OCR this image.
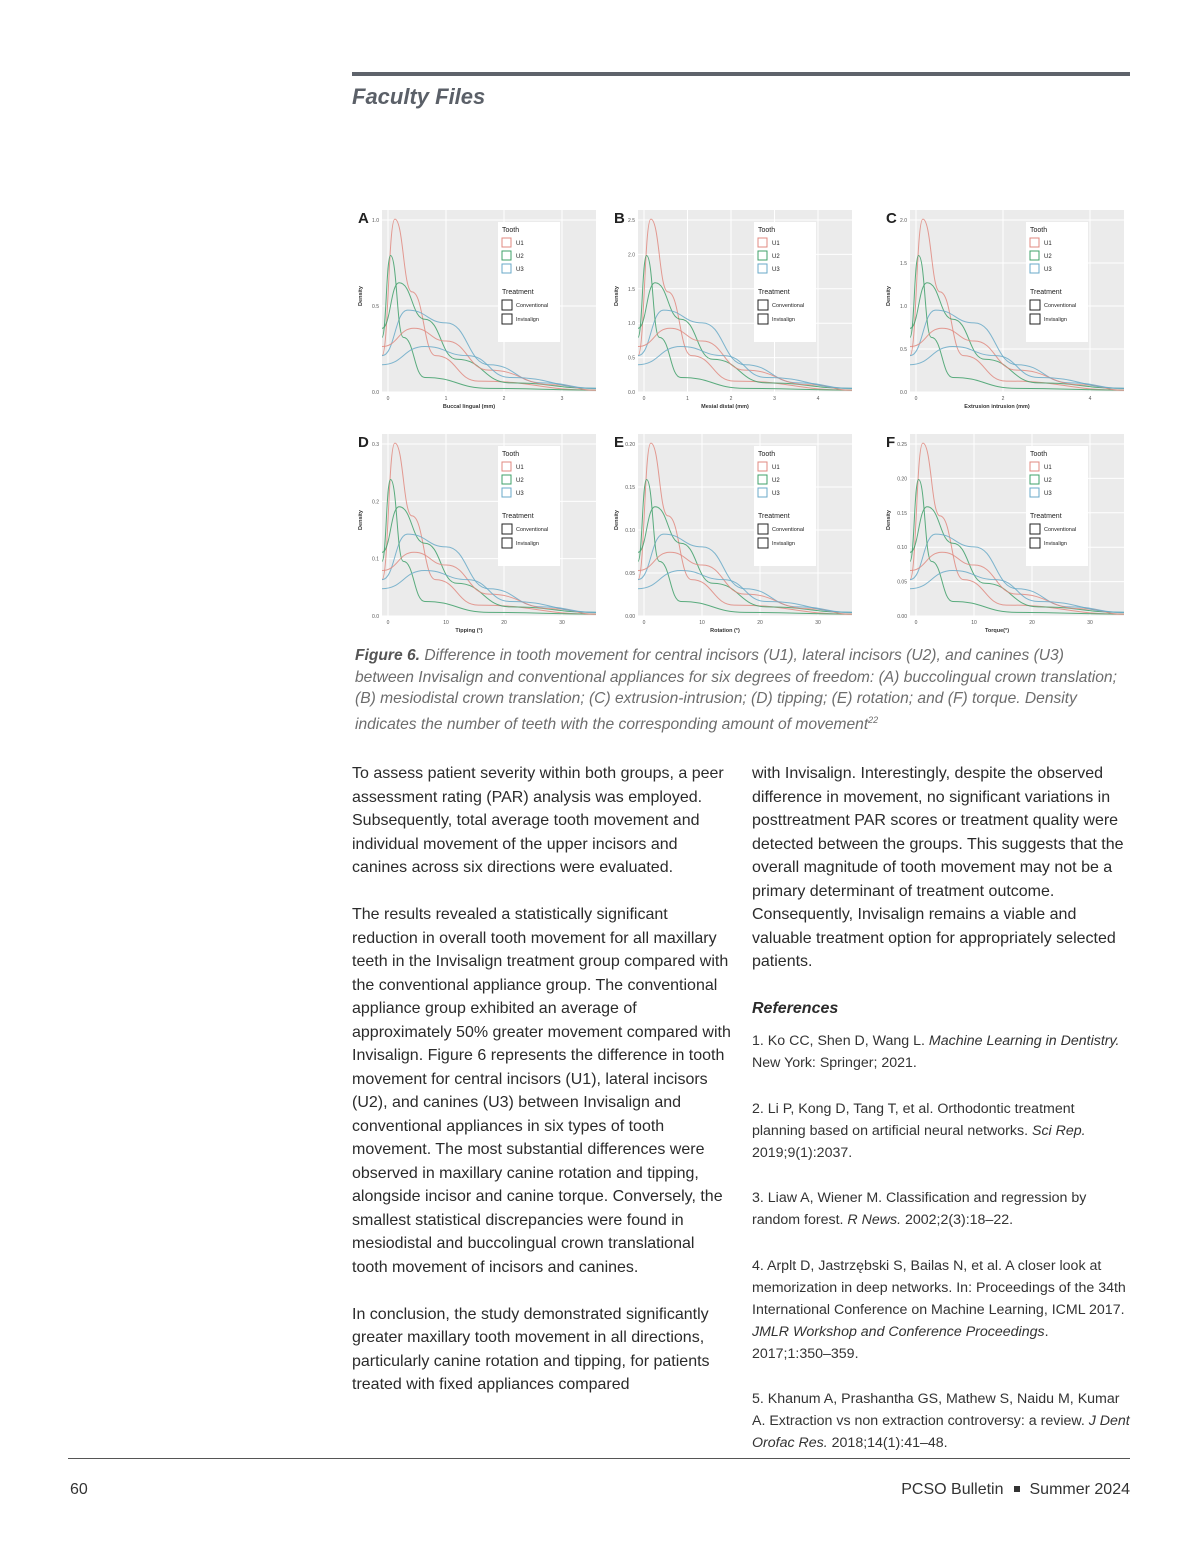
Faculty Files
0.0
0.5
1.0
0	1	2	3
Buccal lingual (mm)
Density
Tooth
U1
U2
U3
Treatment
Conventional
Invisalign
A
0.0
0.5
1.0
1.5
2.0
2.5
0	1	2	3	4
Mesial distal (mm)
Density
Tooth
U1
U2
U3
Treatment
Conventional
Invisalign
B
0.0
0.5
1.0
1.5
2.0
0	2	4
Extrusion intrusion (mm)
Density
Tooth
U1
U2
U3
Treatment
Conventional
Invisalign
C
0.0
0.1
0.2
0.3
0	10	20	30
Tipping (°)
Density
Tooth
U1
U2
U3
Treatment
Conventional
Invisalign
D
0.00
0.05
0.10
0.15
0.20
0	10	20	30
Rotation (°)
Density
Tooth
U1
U2
U3
Treatment
Conventional
Invisalign
E
0.00
0.05
0.10
0.15
0.20
0.25
0	10	20	30
Torque(°)
Density
Tooth
U1
U2
U3
Treatment
Conventional
Invisalign
F

Figure 6. Difference in tooth movement for central incisors (U1), lateral incisors (U2), and canines (U3) between Invisalign and conventional appliances for six degrees of freedom: (A) buccolingual crown translation; (B) mesiodistal crown translation; (C) extrusion-intrusion; (D) tipping; (E) rotation; and (F) torque. Density indicates the number of teeth with the corresponding amount of movement$^{22}$

To assess patient severity within both groups, a peer assessment rating (PAR) analysis was employed. Subsequently, total average tooth movement and individual movement of the upper incisors and canines across six directions were evaluated.

The results revealed a statistically significant reduction in overall tooth movement for all maxillary teeth in the Invisalign treatment group compared with the conventional appliance group. The conventional appliance group exhibited an average of approximately 50% greater movement compared with Invisalign. Figure 6 represents the difference in tooth movement for central incisors (U1), lateral incisors (U2), and canines (U3) between Invisalign and conventional appliances in six types of tooth movement. The most substantial differences were observed in maxillary canine rotation and tipping, alongside incisor and canine torque. Conversely, the smallest statistical discrepancies were found in mesiodistal and buccolingual crown translational tooth movement of incisors and canines.

In conclusion, the study demonstrated significantly greater maxillary tooth movement in all directions, particularly canine rotation and tipping, for patients treated with fixed appliances compared

with Invisalign. Interestingly, despite the observed difference in movement, no significant variations in posttreatment PAR scores or treatment quality were detected between the groups. This suggests that the overall magnitude of tooth movement may not be a primary determinant of treatment outcome. Consequently, Invisalign remains a viable and valuable treatment option for appropriately selected patients.

References

1. Ko CC, Shen D, Wang L. Machine Learning in Dentistry. New York: Springer; 2021.

2. Li P, Kong D, Tang T, et al. Orthodontic treatment planning based on artificial neural networks. Sci Rep. 2019;9(1):2037.

3. Liaw A, Wiener M. Classification and regression by random forest. R News. 2002;2(3):18–22.

4. Arplt D, Jastrzębski S, Bailas N, et al. A closer look at memorization in deep networks. In: Proceedings of the 34th International Conference on Machine Learning, ICML 2017. JMLR Workshop and Conference Proceedings. 2017;1:350–359.

5. Khanum A, Prashantha GS, Mathew S, Naidu M, Kumar A. Extraction vs non extraction controversy: a review. J Dent Orofac Res. 2018;14(1):41–48.

60	PCSO Bulletin Summer 2024
